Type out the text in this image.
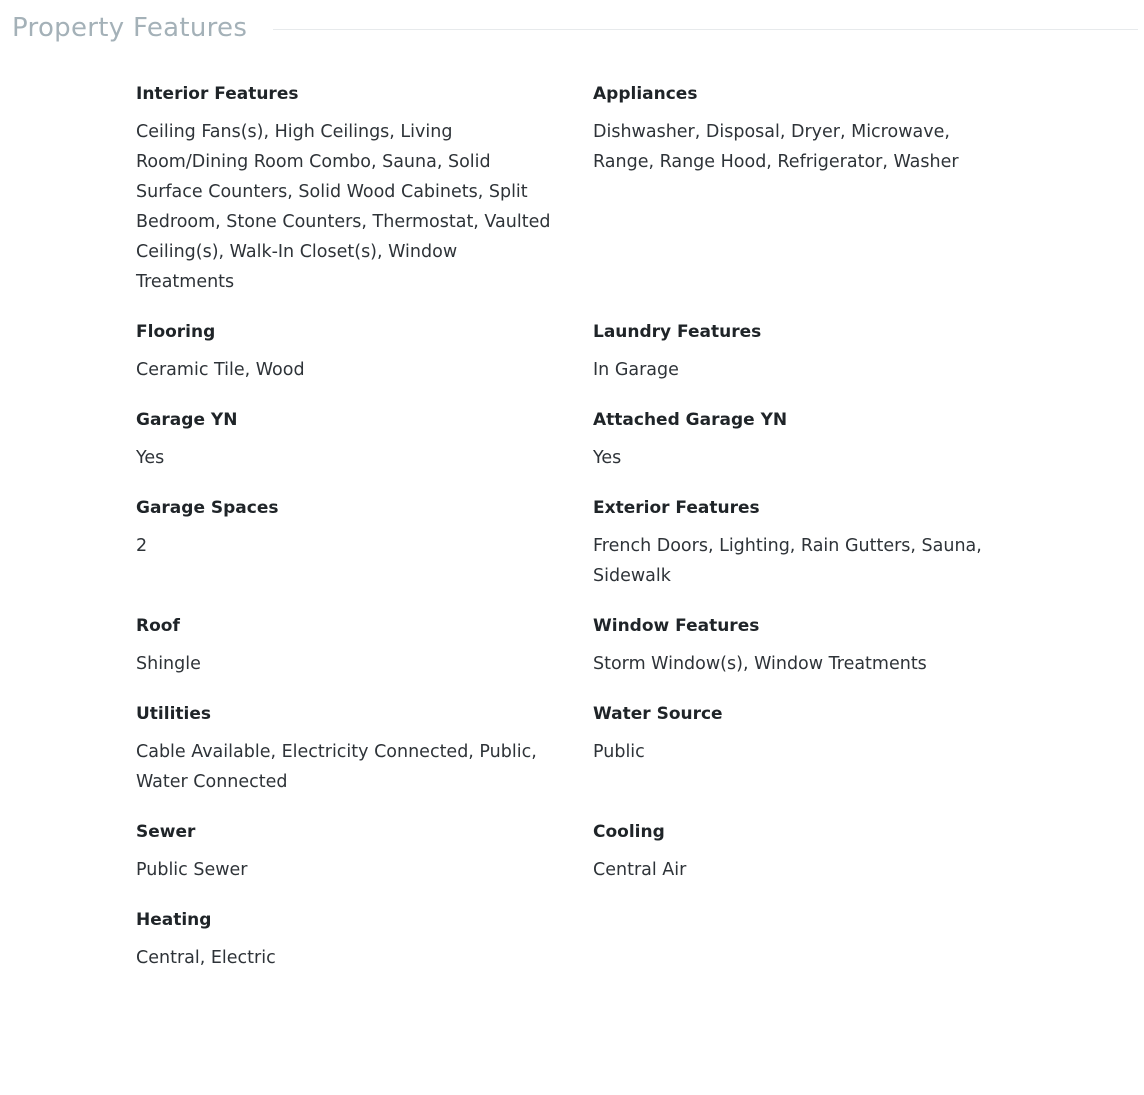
Property Features
Interior Features
Ceiling Fans(s), High Ceilings, Living Room/Dining Room Combo, Sauna, Solid Surface Counters, Solid Wood Cabinets, Split Bedroom, Stone Counters, Thermostat, Vaulted Ceiling(s), Walk-In Closet(s), Window Treatments
Appliances
Dishwasher, Disposal, Dryer, Microwave, Range, Range Hood, Refrigerator, Washer
Flooring
Ceramic Tile, Wood
Laundry Features
In Garage
Garage YN
Yes
Attached Garage YN
Yes
Garage Spaces
2
Exterior Features
French Doors, Lighting, Rain Gutters, Sauna, Sidewalk
Roof
Shingle
Window Features
Storm Window(s), Window Treatments
Utilities
Cable Available, Electricity Connected, Public, Water Connected
Water Source
Public
Sewer
Public Sewer
Cooling
Central Air
Heating
Central, Electric
